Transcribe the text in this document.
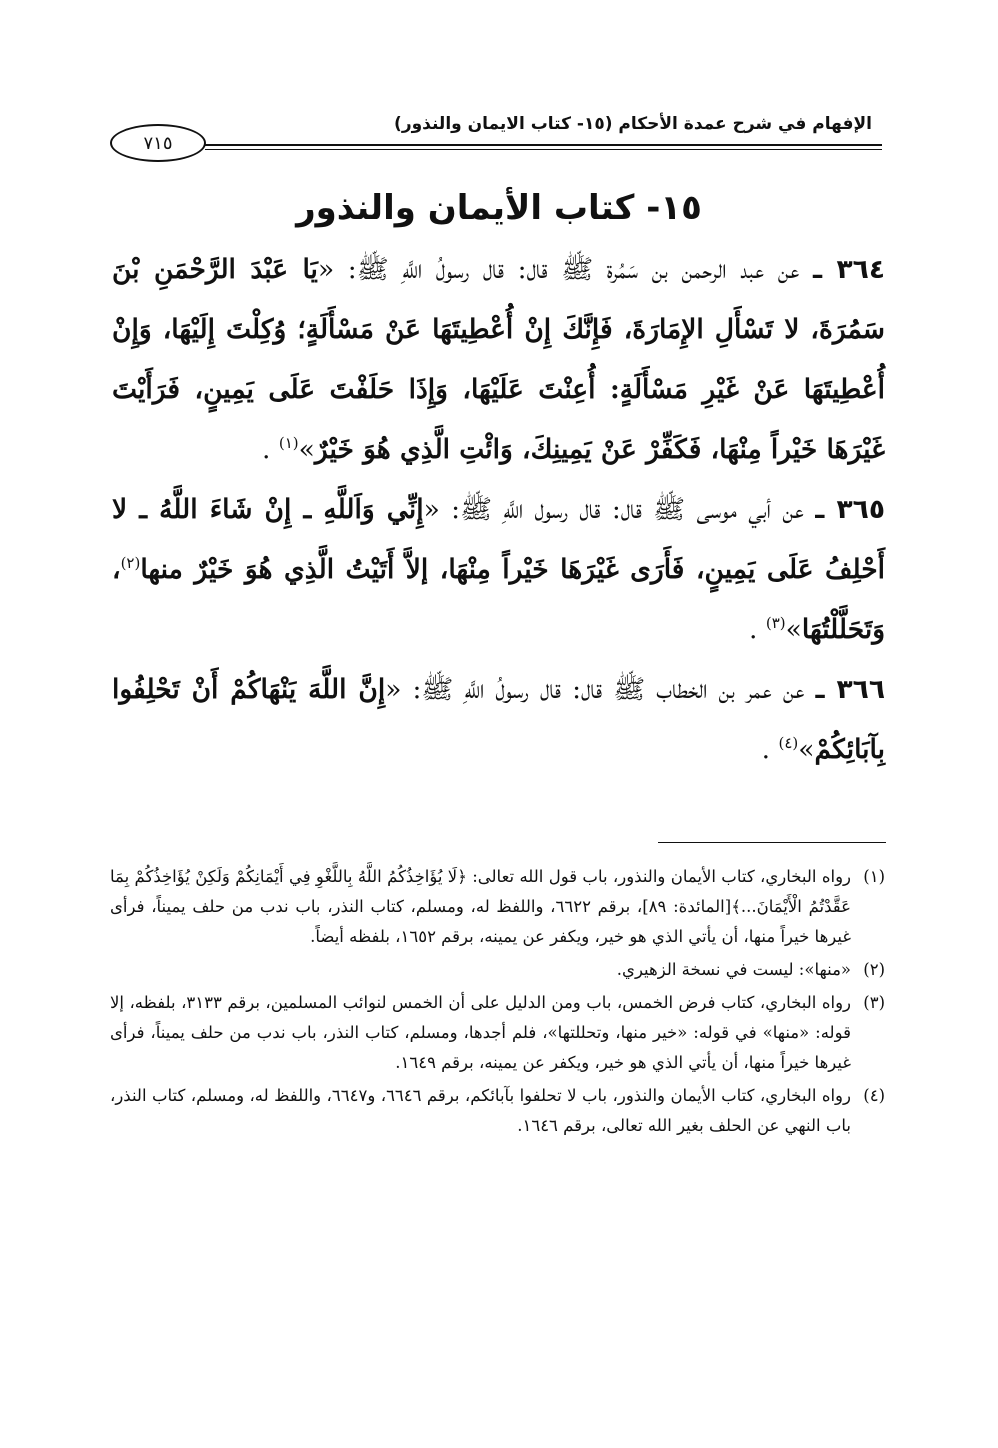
٧١٥
الإفهام في شرح عمدة الأحكام (١٥- كتاب الايمان والنذور)
١٥- كتاب الأيمان والنذور

٣٦٤ ـ عن عبد الرحمن بن سَمُرة ﷺ قال: قال رسولُ اللَّهِ ﷺ: «يَا عَبْدَ الرَّحْمَنِ بْنَ سَمُرَةَ، لا تَسْأَلِ الإِمَارَةَ، فَإِنَّكَ إِنْ أُعْطِيتَهَا عَنْ مَسْأَلَةٍ؛ وُكِلْتَ إِلَيْهَا، وَإِنْ أُعْطِيتَهَا عَنْ غَيْرِ مَسْأَلَةٍ: أُعِنْتَ عَلَيْهَا، وَإِذَا حَلَفْتَ عَلَى يَمِينٍ، فَرَأَيْتَ غَيْرَهَا خَيْراً مِنْهَا، فَكَفِّرْ عَنْ يَمِينِكَ، وَائْتِ الَّذِي هُوَ خَيْرٌ»$^{(١)}$ .

٣٦٥ ـ عن أبي موسى ﷺ قال: قال رسول اللَّهِ ﷺ: «إِنِّي وَاَللَّهِ ـ إِنْ شَاءَ اللَّهُ ـ لا أَحْلِفُ عَلَى يَمِينٍ، فَأَرَى غَيْرَهَا خَيْراً مِنْهَا، إلاَّ أَتَيْتُ الَّذِي هُوَ خَيْرٌ منها$^{(٢)}$، وَتَحَلَّلْتُهَا»$^{(٣)}$ .

٣٦٦ ـ عن عمر بن الخطاب ﷺ قال: قال رسولُ اللَّهِ ﷺ: «إِنَّ اللَّهَ يَنْهَاكُمْ أَنْ تَحْلِفُوا بِآبَائِكُمْ»$^{(٤)}$ .

(١)
رواه البخاري، كتاب الأيمان والنذور، باب قول الله تعالى: ﴿لَا يُؤَاخِذُكُمُ اللَّهُ بِاللَّغْوِ فِي أَيْمَانِكُمْ وَلَكِنْ يُؤَاخِذُكُمْ بِمَا عَقَّدْتُمُ الْأَيْمَانَ...﴾[المائدة: ٨٩]، برقم ٦٦٢٢، واللفظ له، ومسلم، كتاب النذر، باب ندب من حلف يميناً، فرأى غيرها خيراً منها، أن يأتي الذي هو خير، ويكفر عن يمينه، برقم ١٦٥٢، بلفظه أيضاً.

(٢)
«منها»: ليست في نسخة الزهيري.

(٣)
رواه البخاري، كتاب فرض الخمس، باب ومن الدليل على أن الخمس لنوائب المسلمين، برقم ٣١٣٣، بلفظه، إلا قوله: «منها» في قوله: «خير منها، وتحللتها»، فلم أجدها، ومسلم، كتاب النذر، باب ندب من حلف يميناً، فرأى غيرها خيراً منها، أن يأتي الذي هو خير، ويكفر عن يمينه، برقم ١٦٤٩.

(٤)
رواه البخاري، كتاب الأيمان والنذور، باب لا تحلفوا بآبائكم، برقم ٦٦٤٦، و٦٦٤٧، واللفظ له، ومسلم، كتاب النذر، باب النهي عن الحلف بغير الله تعالى، برقم ١٦٤٦.
